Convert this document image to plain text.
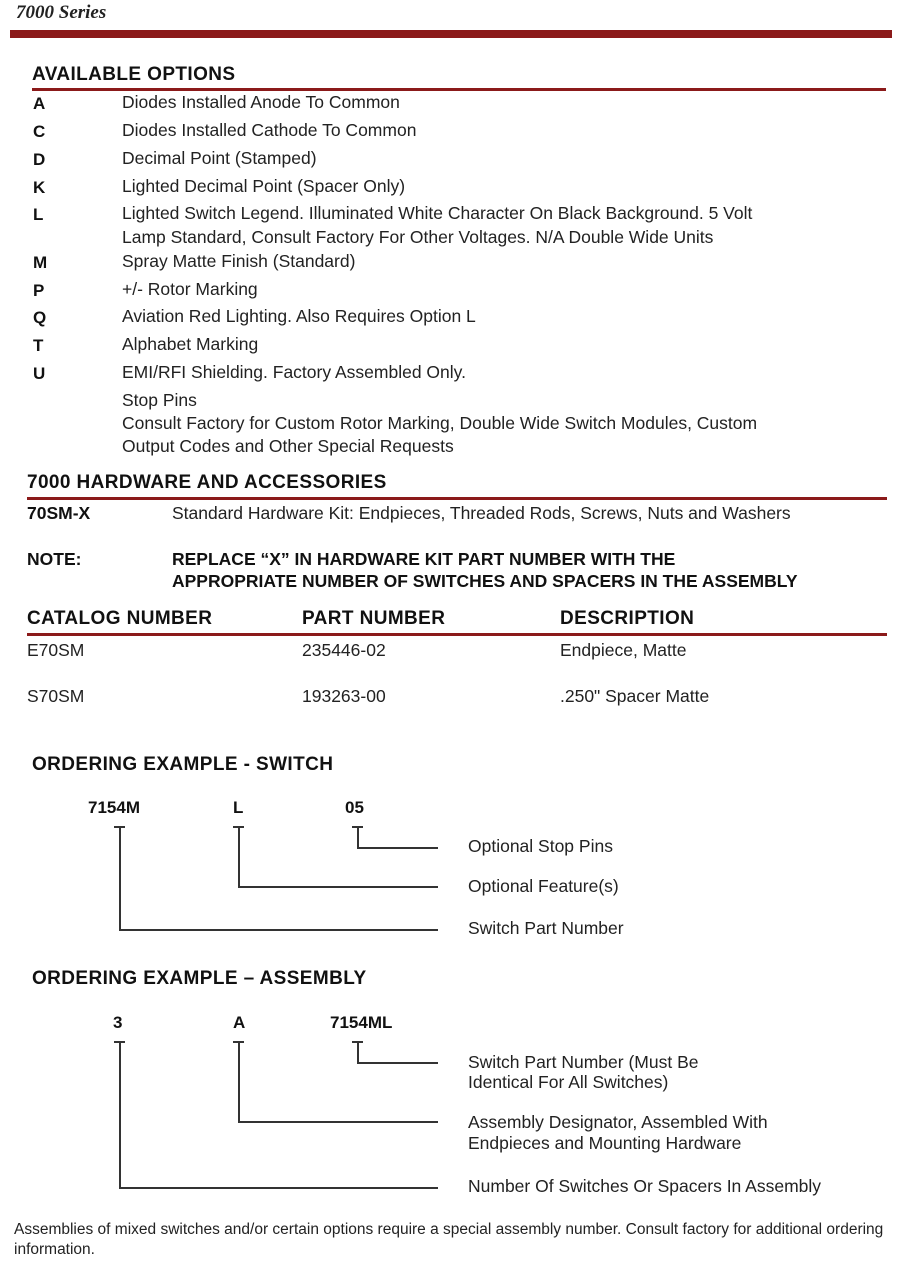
7000 Series
AVAILABLE OPTIONS
A	Diodes Installed Anode To Common
C	Diodes Installed Cathode To Common
D	Decimal Point (Stamped)
K	Lighted Decimal Point (Spacer Only)
L	Lighted Switch Legend. Illuminated White Character On Black Background. 5 Volt
Lamp Standard, Consult Factory For Other Voltages. N/A Double Wide Units
M	Spray Matte Finish (Standard)
P	+/- Rotor Marking
Q	Aviation Red Lighting. Also Requires Option L
T	Alphabet Marking
U	EMI/RFI Shielding. Factory Assembled Only.
Stop Pins
Consult Factory for Custom Rotor Marking, Double Wide Switch Modules, Custom
Output Codes and Other Special Requests
7000 HARDWARE AND ACCESSORIES
70SM-X	Standard Hardware Kit: Endpieces, Threaded Rods, Screws, Nuts and Washers
NOTE:	REPLACE “X” IN HARDWARE KIT PART NUMBER WITH THE
APPROPRIATE NUMBER OF SWITCHES AND SPACERS IN THE ASSEMBLY
CATALOG NUMBER	PART NUMBER	DESCRIPTION
E70SM	235446-02	Endpiece, Matte
S70SM	193263-00	.250" Spacer Matte
ORDERING EXAMPLE - SWITCH
7154M	L	05
Optional Stop Pins
Optional Feature(s)
Switch Part Number
ORDERING EXAMPLE – ASSEMBLY
3	A	7154ML
Switch Part Number (Must Be
Identical For All Switches)
Assembly Designator, Assembled With
Endpieces and Mounting Hardware
Number Of Switches Or Spacers In Assembly
Assemblies of mixed switches and/or certain options require a special assembly number. Consult factory for additional ordering information.
